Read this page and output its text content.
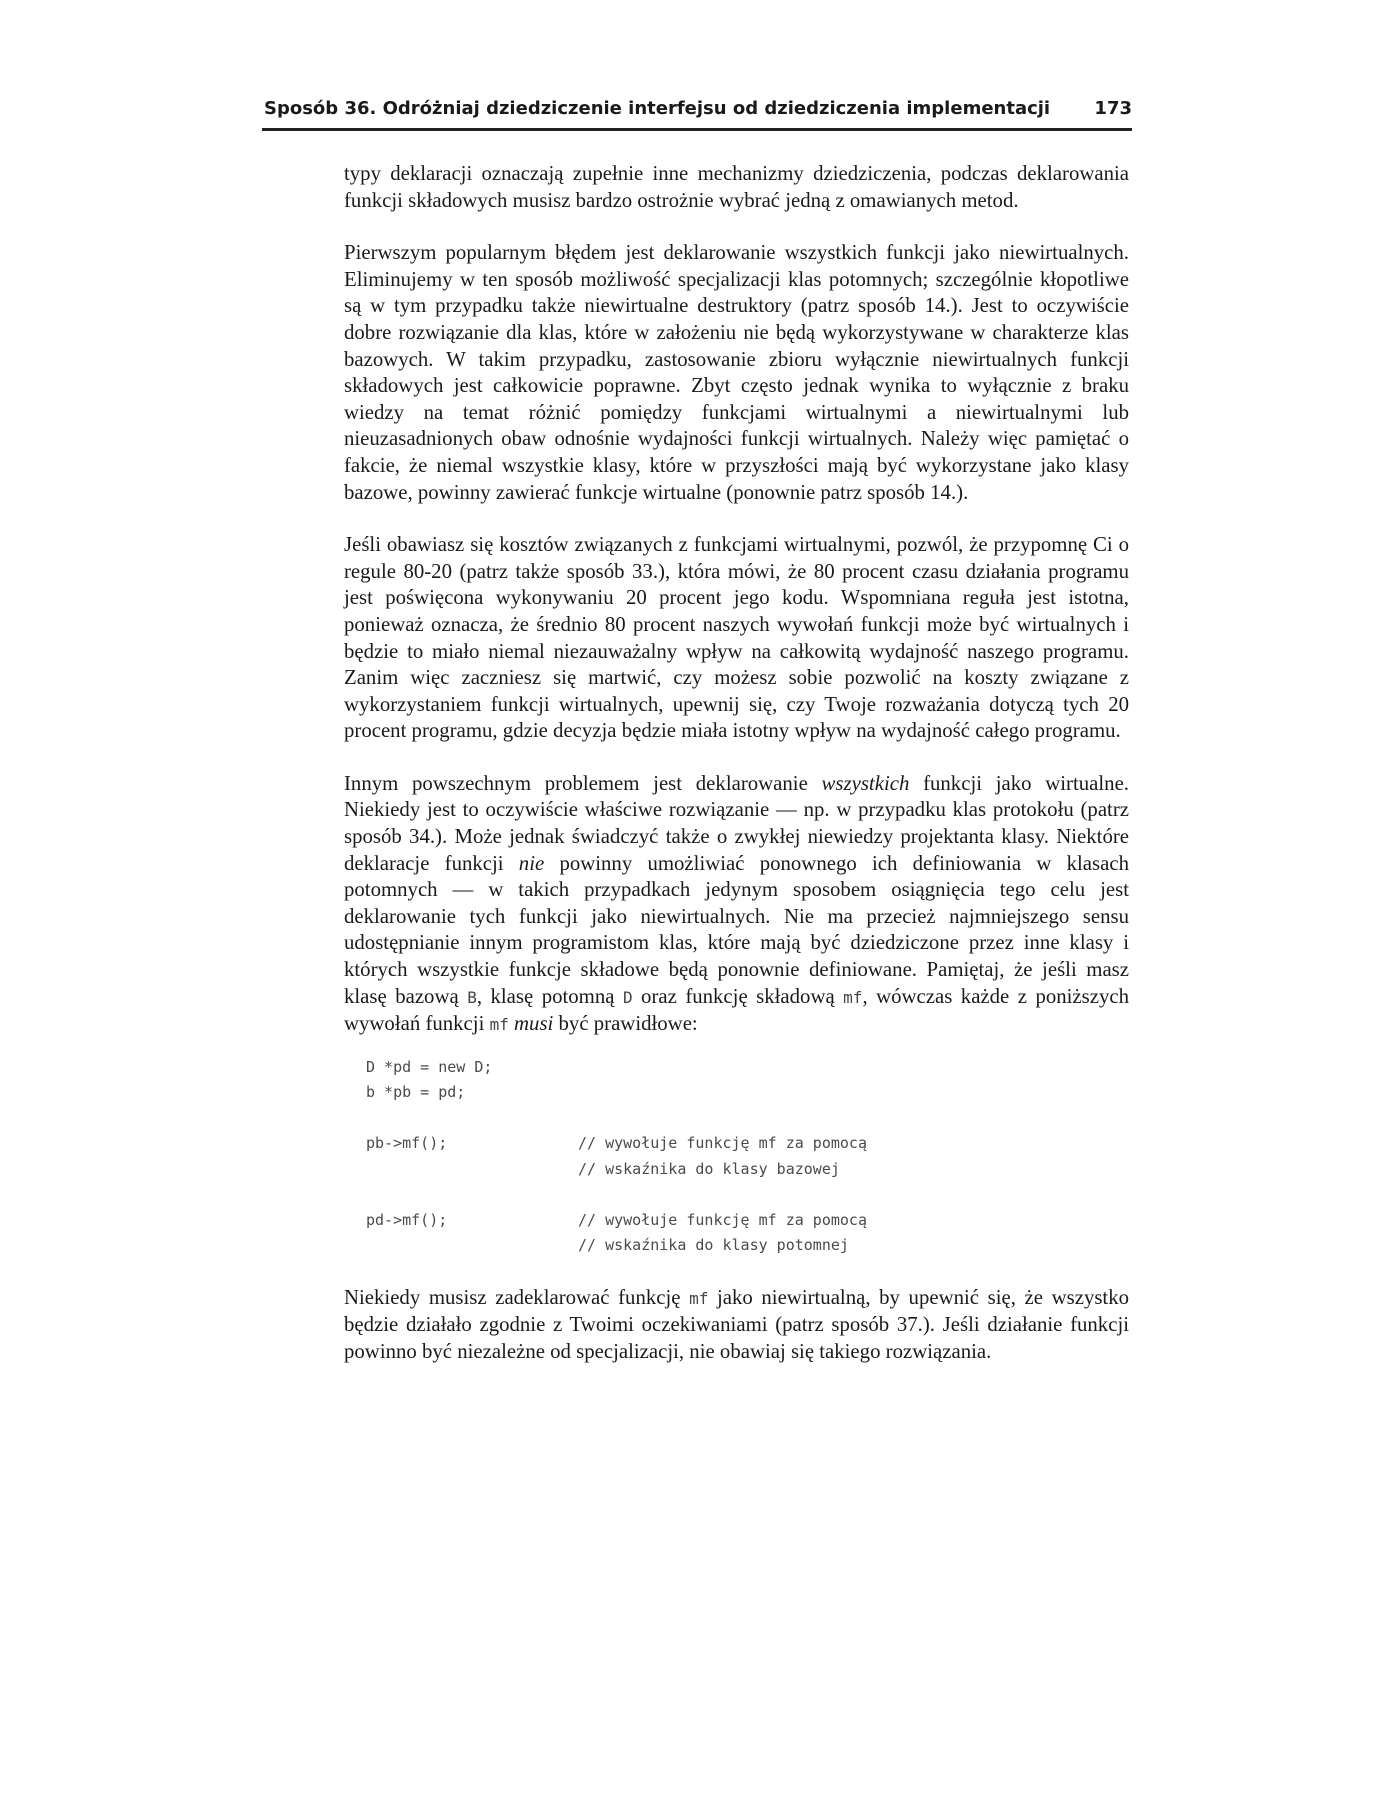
Sposób 36. Odróżniaj dziedziczenie interfejsu od dziedziczenia implementacji 173

typy deklaracji oznaczają zupełnie inne mechanizmy dziedziczenia, podczas deklarowania funkcji składowych musisz bardzo ostrożnie wybrać jedną z omawianych metod.

Pierwszym popularnym błędem jest deklarowanie wszystkich funkcji jako niewirtualnych. Eliminujemy w ten sposób możliwość specjalizacji klas potomnych; szczególnie kłopotliwe są w tym przypadku także niewirtualne destruktory (patrz sposób 14.). Jest to oczywiście dobre rozwiązanie dla klas, które w założeniu nie będą wykorzystywane w charakterze klas bazowych. W takim przypadku, zastosowanie zbioru wyłącznie niewirtualnych funkcji składowych jest całkowicie poprawne. Zbyt często jednak wynika to wyłącznie z braku wiedzy na temat różnić pomiędzy funkcjami wirtualnymi a niewirtualnymi lub nieuzasadnionych obaw odnośnie wydajności funkcji wirtualnych. Należy więc pamiętać o fakcie, że niemal wszystkie klasy, które w przyszłości mają być wykorzystane jako klasy bazowe, powinny zawierać funkcje wirtualne (ponownie patrz sposób 14.).

Jeśli obawiasz się kosztów związanych z funkcjami wirtualnymi, pozwól, że przypomnę Ci o regule 80-20 (patrz także sposób 33.), która mówi, że 80 procent czasu działania programu jest poświęcona wykonywaniu 20 procent jego kodu. Wspomniana reguła jest istotna, ponieważ oznacza, że średnio 80 procent naszych wywołań funkcji może być wirtualnych i będzie to miało niemal niezauważalny wpływ na całkowitą wydajność naszego programu. Zanim więc zaczniesz się martwić, czy możesz sobie pozwolić na koszty związane z wykorzystaniem funkcji wirtualnych, upewnij się, czy Twoje rozważania dotyczą tych 20 procent programu, gdzie decyzja będzie miała istotny wpływ na wydajność całego programu.

Innym powszechnym problemem jest deklarowanie wszystkich funkcji jako wirtualne. Niekiedy jest to oczywiście właściwe rozwiązanie — np. w przypadku klas protokołu (patrz sposób 34.). Może jednak świadczyć także o zwykłej niewiedzy projektanta klasy. Niektóre deklaracje funkcji nie powinny umożliwiać ponownego ich definiowania w klasach potomnych — w takich przypadkach jedynym sposobem osiągnięcia tego celu jest deklarowanie tych funkcji jako niewirtualnych. Nie ma przecież najmniejszego sensu udostępnianie innym programistom klas, które mają być dziedziczone przez inne klasy i których wszystkie funkcje składowe będą ponownie definiowane. Pamiętaj, że jeśli masz klasę bazową B, klasę potomną D oraz funkcję składową mf, wówczas każde z poniższych wywołań funkcji mf musi być prawidłowe:

D *pd = new D;
b *pb = pd;
pb->mf();	// wywołuje funkcję mf za pomocą
// wskaźnika do klasy bazowej
pd->mf();	// wywołuje funkcję mf za pomocą
// wskaźnika do klasy potomnej

Niekiedy musisz zadeklarować funkcję mf jako niewirtualną, by upewnić się, że wszystko będzie działało zgodnie z Twoimi oczekiwaniami (patrz sposób 37.). Jeśli działanie funkcji powinno być niezależne od specjalizacji, nie obawiaj się takiego rozwiązania.
